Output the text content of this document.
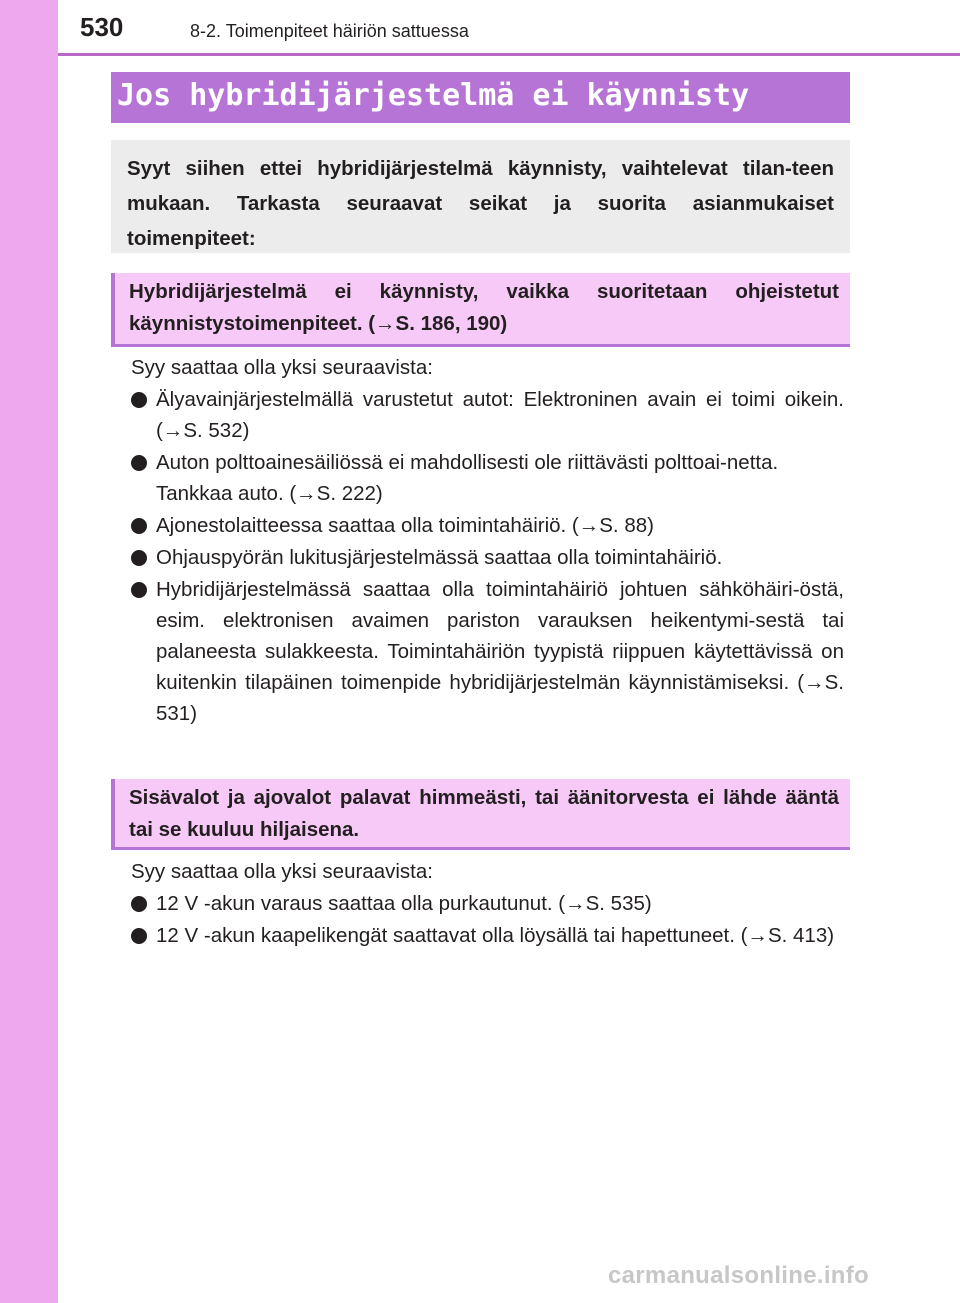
530	8-2. Toimenpiteet häiriön sattuessa
Jos hybridijärjestelmä ei käynnisty

Syyt siihen ettei hybridijärjestelmä käynnisty, vaihtelevat tilan-teen mukaan. Tarkasta seuraavat seikat ja suorita asianmukaiset toimenpiteet:

Hybridijärjestelmä ei käynnisty, vaikka suoritetaan ohjeistetut käynnistystoimenpiteet. (→S. 186, 190)

Syy saattaa olla yksi seuraavista:

Älyavainjärjestelmällä varustetut autot: Elektroninen avain ei toimi oikein. (→S. 532)
Auton polttoainesäiliössä ei mahdollisesti ole riittävästi polttoai-netta.
Tankkaa auto. (→S. 222)
Ajonestolaitteessa saattaa olla toimintahäiriö. (→S. 88)
Ohjauspyörän lukitusjärjestelmässä saattaa olla toimintahäiriö.
Hybridijärjestelmässä saattaa olla toimintahäiriö johtuen sähköhäiri-östä, esim. elektronisen avaimen pariston varauksen heikentymi-sestä tai palaneesta sulakkeesta. Toimintahäiriön tyypistä riippuen käytettävissä on kuitenkin tilapäinen toimenpide hybridijärjestelmän käynnistämiseksi. (→S. 531)

Sisävalot ja ajovalot palavat himmeästi, tai äänitorvesta ei lähde ääntä tai se kuuluu hiljaisena.

Syy saattaa olla yksi seuraavista:

12 V -akun varaus saattaa olla purkautunut. (→S. 535)
12 V -akun kaapelikengät saattavat olla löysällä tai hapettuneet. (→S. 413)
carmanualsonline.info
